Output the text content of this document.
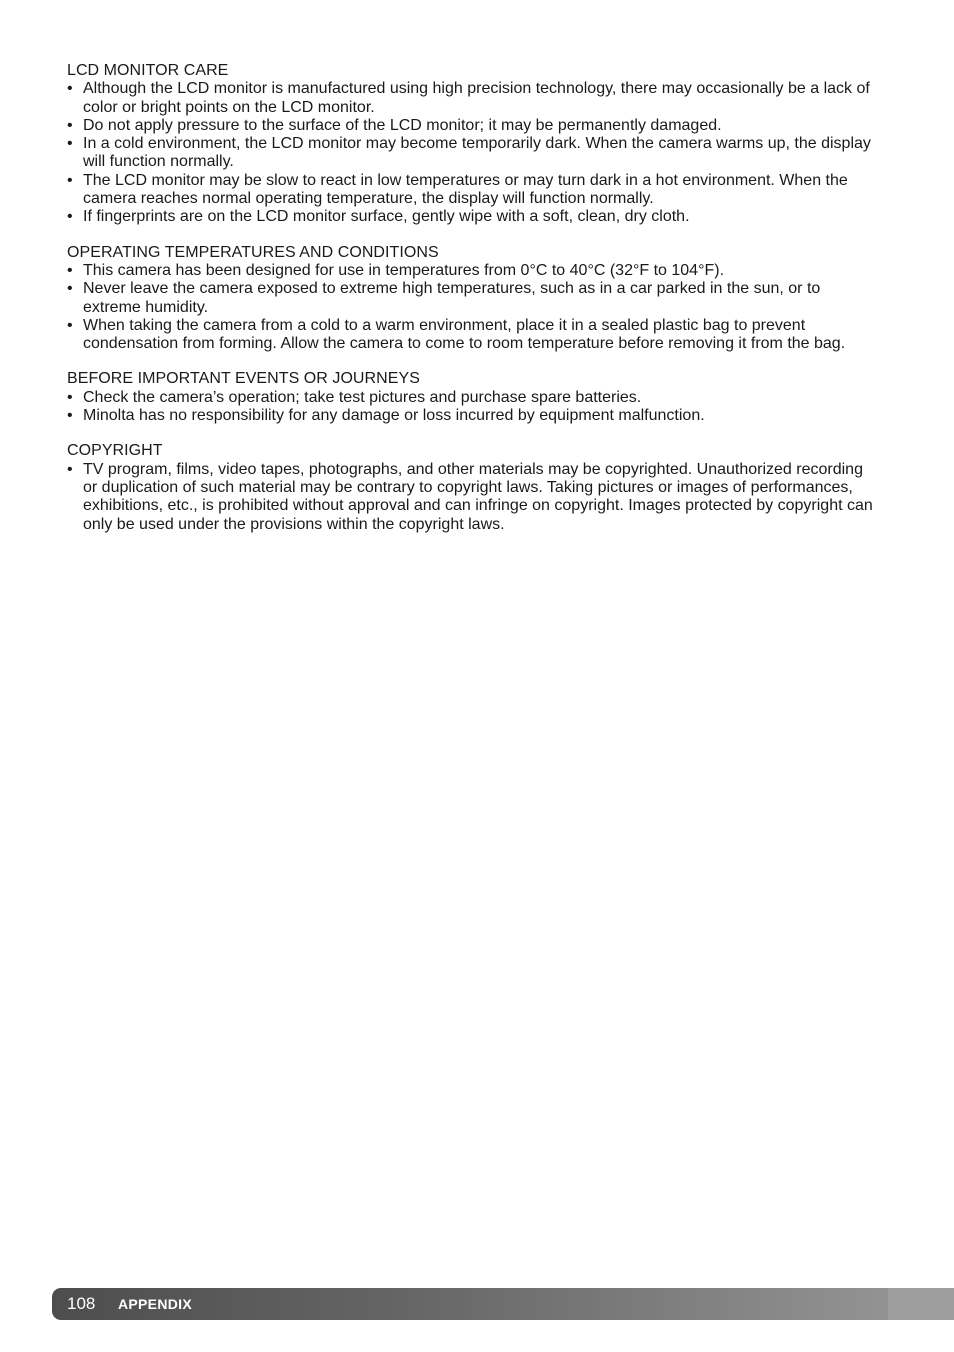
LCD MONITOR CARE

• Although the LCD monitor is manufactured using high precision technology, there may occasionally be a lack of color or bright points on the LCD monitor.
• Do not apply pressure to the surface of the LCD monitor; it may be permanently damaged.
• In a cold environment, the LCD monitor may become temporarily dark. When the camera warms up, the display will function normally.
• The LCD monitor may be slow to react in low temperatures or may turn dark in a hot environment. When the camera reaches normal operating temperature, the display will function normally.
• If fingerprints are on the LCD monitor surface, gently wipe with a soft, clean, dry cloth.

OPERATING TEMPERATURES AND CONDITIONS

• This camera has been designed for use in temperatures from 0°C to 40°C (32°F to 104°F).
• Never leave the camera exposed to extreme high temperatures, such as in a car parked in the sun, or to extreme humidity.
• When taking the camera from a cold to a warm environment, place it in a sealed plastic bag to prevent condensation from forming. Allow the camera to come to room temperature before removing it from the bag.

BEFORE IMPORTANT EVENTS OR JOURNEYS

• Check the camera’s operation; take test pictures and purchase spare batteries.
• Minolta has no responsibility for any damage or loss incurred by equipment malfunction.

COPYRIGHT

• TV program, films, video tapes, photographs, and other materials may be copyrighted. Unauthorized recording or duplication of such material may be contrary to copyright laws. Taking pictures or images of performances, exhibitions, etc., is prohibited without approval and can infringe on copyright. Images protected by copyright can only be used under the provisions within the copyright laws.
108 APPENDIX
